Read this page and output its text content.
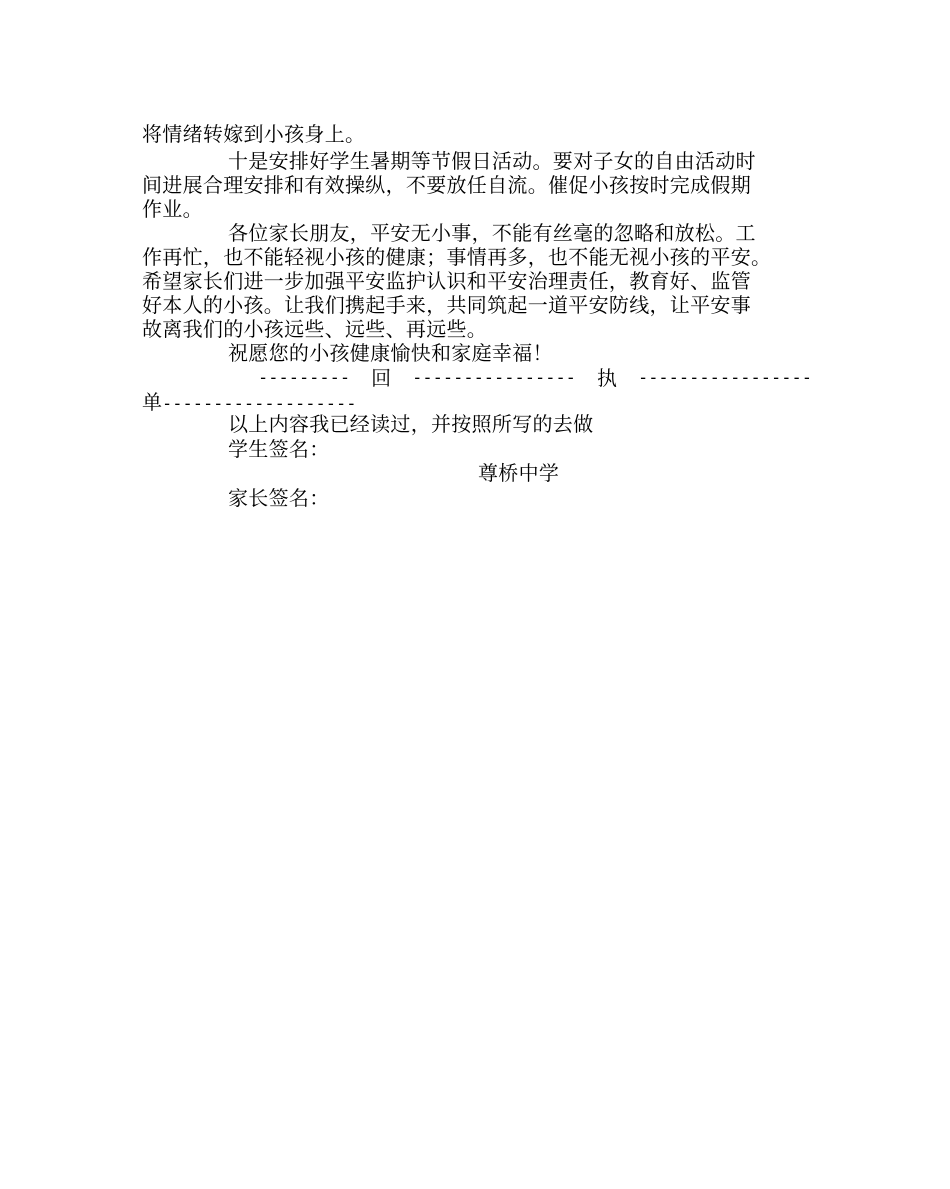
将情绪转嫁到小孩身上。
十是安排好学生暑期等节假日活动。要对子女的自由活动时
间进展合理安排和有效操纵，不要放任自流。催促小孩按时完成假期
作业。
各位家长朋友，平安无小事，不能有丝毫的忽略和放松。工
作再忙，也不能轻视小孩的健康；事情再多，也不能无视小孩的平安。
希望家长们进一步加强平安监护认识和平安治理责任，教育好、监管
好本人的小孩。让我们携起手来，共同筑起一道平安防线，让平安事
故离我们的小孩远些、远些、再远些。
祝愿您的小孩健康愉快和家庭幸福！
--------- 回 ---------------- 执 -----------------
单-------------------
以上内容我已经读过，并按照所写的去做
学生签名：
尊桥中学
家长签名：
